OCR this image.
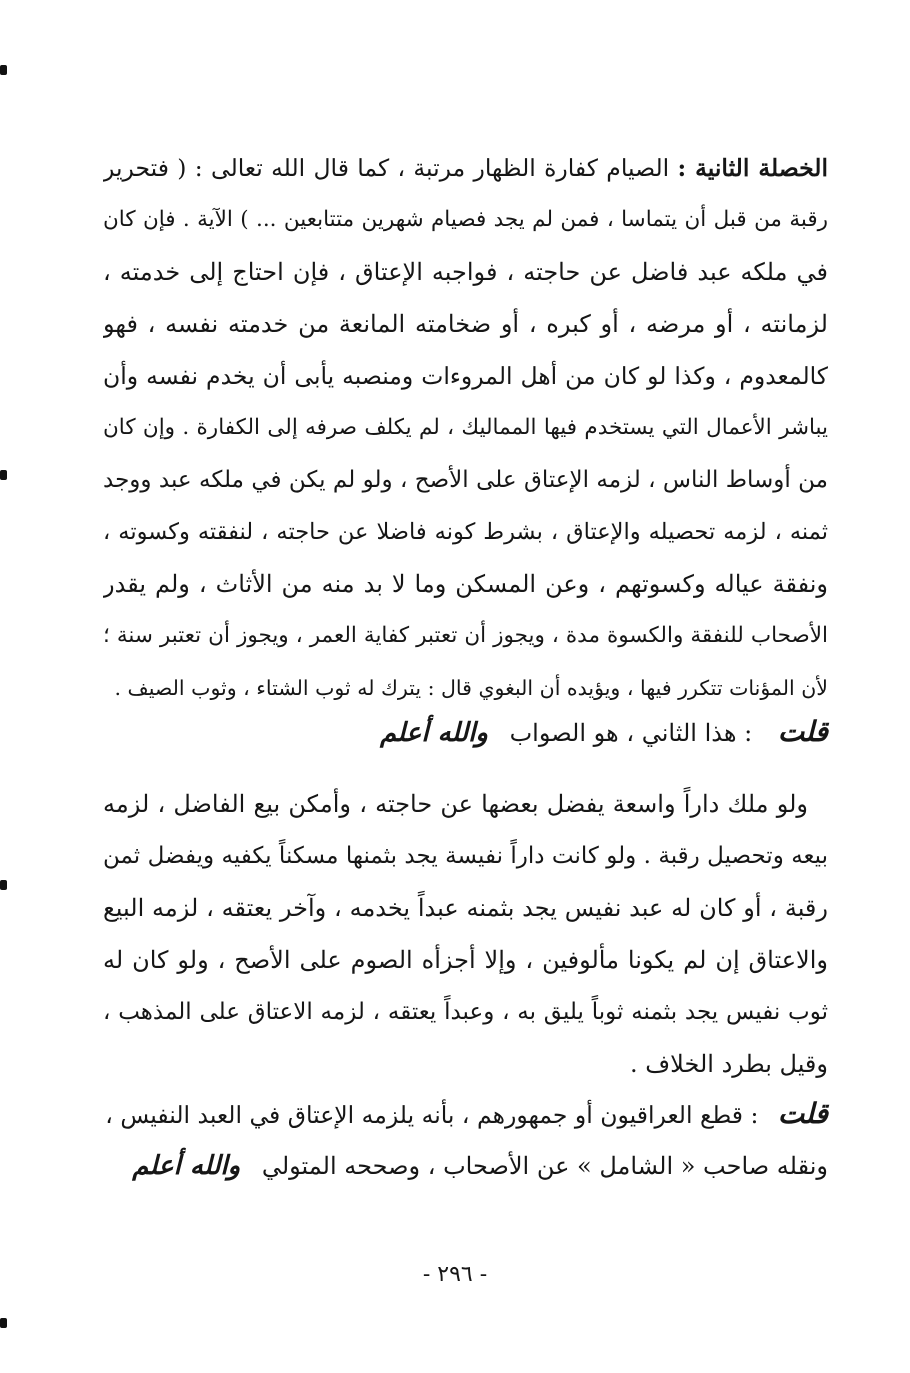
الخصلة الثانية : الصيام كفارة الظهار مرتبة ، كما قال الله تعالى : ( فتحرير
رقبة من قبل أن يتماسا ، فمن لم يجد فصيام شهرين متتابعين ... ) الآية . فإن كان
في ملكه عبد فاضل عن حاجته ، فواجبه الإعتاق ، فإن احتاج إلى خدمته ،
لزمانته ، أو مرضه ، أو كبره ، أو ضخامته المانعة من خدمته نفسه ، فهو
كالمعدوم ، وكذا لو كان من أهل المروءات ومنصبه يأبى أن يخدم نفسه وأن
يباشر الأعمال التي يستخدم فيها المماليك ، لم يكلف صرفه إلى الكفارة . وإن كان
من أوساط الناس ، لزمه الإعتاق على الأصح ، ولو لم يكن في ملكه عبد ووجد
ثمنه ، لزمه تحصيله والإعتاق ، بشرط كونه فاضلا عن حاجته ، لنفقته وكسوته ،
ونفقة عياله وكسوتهم ، وعن المسكن وما لا بد منه من الأثاث ، ولم يقدر
الأصحاب للنفقة والكسوة مدة ، ويجوز أن تعتبر كفاية العمر ، ويجوز أن تعتبر سنة ؛
لأن المؤنات تتكرر فيها ، ويؤيده أن البغوي قال : يترك له ثوب الشتاء ، وثوب الصيف .
قلت : هذا الثاني ، هو الصواب والله أعلم
ولو ملك داراً واسعة يفضل بعضها عن حاجته ، وأمكن بيع الفاضل ، لزمه
بيعه وتحصيل رقبة . ولو كانت داراً نفيسة يجد بثمنها مسكناً يكفيه ويفضل ثمن
رقبة ، أو كان له عبد نفيس يجد بثمنه عبداً يخدمه ، وآخر يعتقه ، لزمه البيع
والاعتاق إن لم يكونا مألوفين ، وإلا أجزأه الصوم على الأصح ، ولو كان له
ثوب نفيس يجد بثمنه ثوباً يليق به ، وعبداً يعتقه ، لزمه الاعتاق على المذهب ،
وقيل بطرد الخلاف .
قلت : قطع العراقيون أو جمهورهم ، بأنه يلزمه الإعتاق في العبد النفيس ،
ونقله صاحب « الشامل » عن الأصحاب ، وصححه المتولي والله أعلم
- ٢٩٦ -
